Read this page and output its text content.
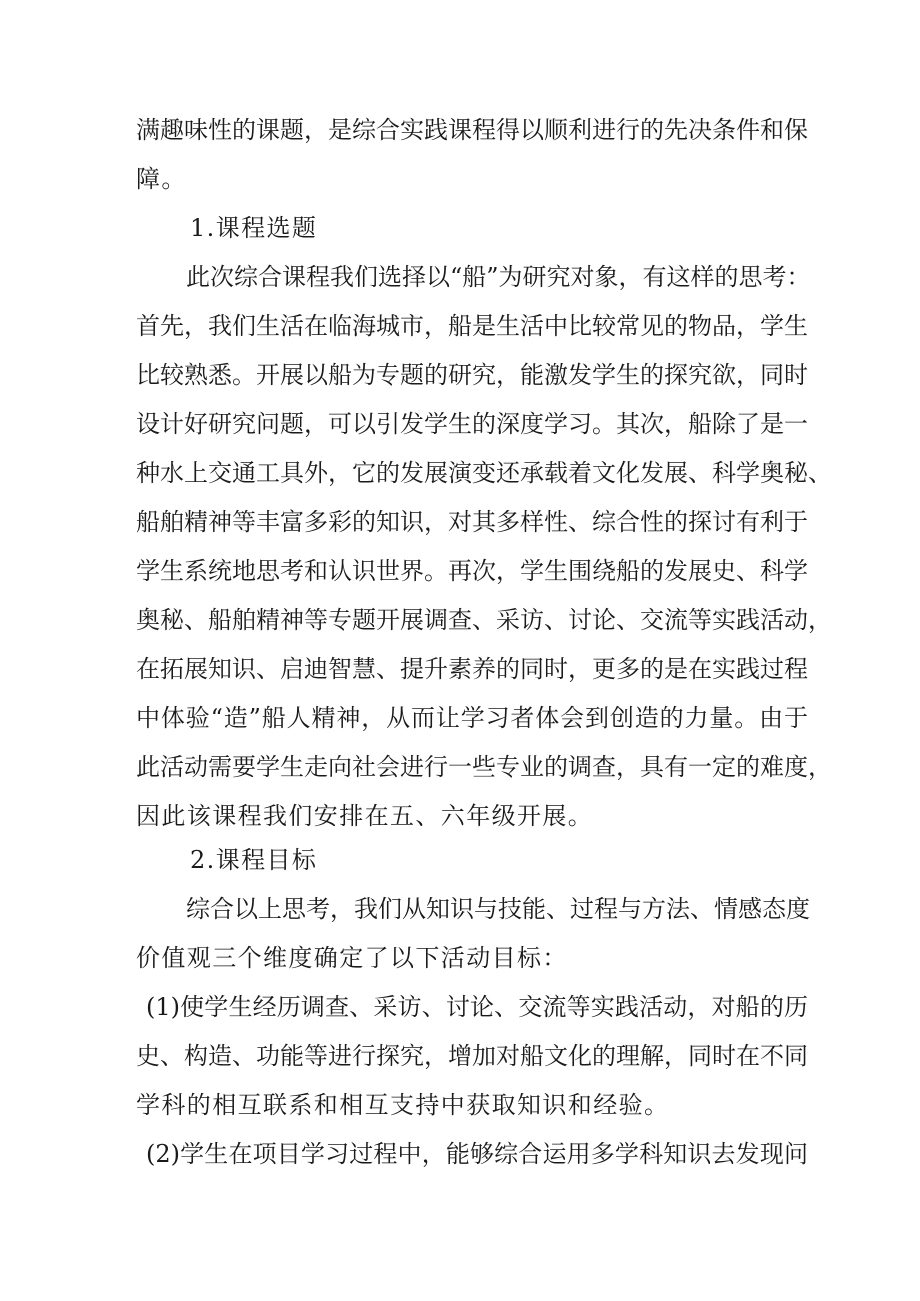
满趣味性的课题，是综合实践课程得以顺利进行的先决条件和保
障。
1.课程选题
此次综合课程我们选择以“船”为研究对象，有这样的思考：
首先，我们生活在临海城市，船是生活中比较常见的物品，学生
比较熟悉。开展以船为专题的研究，能激发学生的探究欲，同时
设计好研究问题，可以引发学生的深度学习。其次，船除了是一
种水上交通工具外，它的发展演变还承载着文化发展、科学奥秘、
船舶精神等丰富多彩的知识，对其多样性、综合性的探讨有利于
学生系统地思考和认识世界。再次，学生围绕船的发展史、科学
奥秘、船舶精神等专题开展调查、采访、讨论、交流等实践活动，
在拓展知识、启迪智慧、提升素养的同时，更多的是在实践过程
中体验“造”船人精神，从而让学习者体会到创造的力量。由于
此活动需要学生走向社会进行一些专业的调查，具有一定的难度，
因此该课程我们安排在五、六年级开展。
2.课程目标
综合以上思考，我们从知识与技能、过程与方法、情感态度
价值观三个维度确定了以下活动目标：
(1)使学生经历调查、采访、讨论、交流等实践活动，对船的历
史、构造、功能等进行探究，增加对船文化的理解，同时在不同
学科的相互联系和相互支持中获取知识和经验。
(2)学生在项目学习过程中，能够综合运用多学科知识去发现问
